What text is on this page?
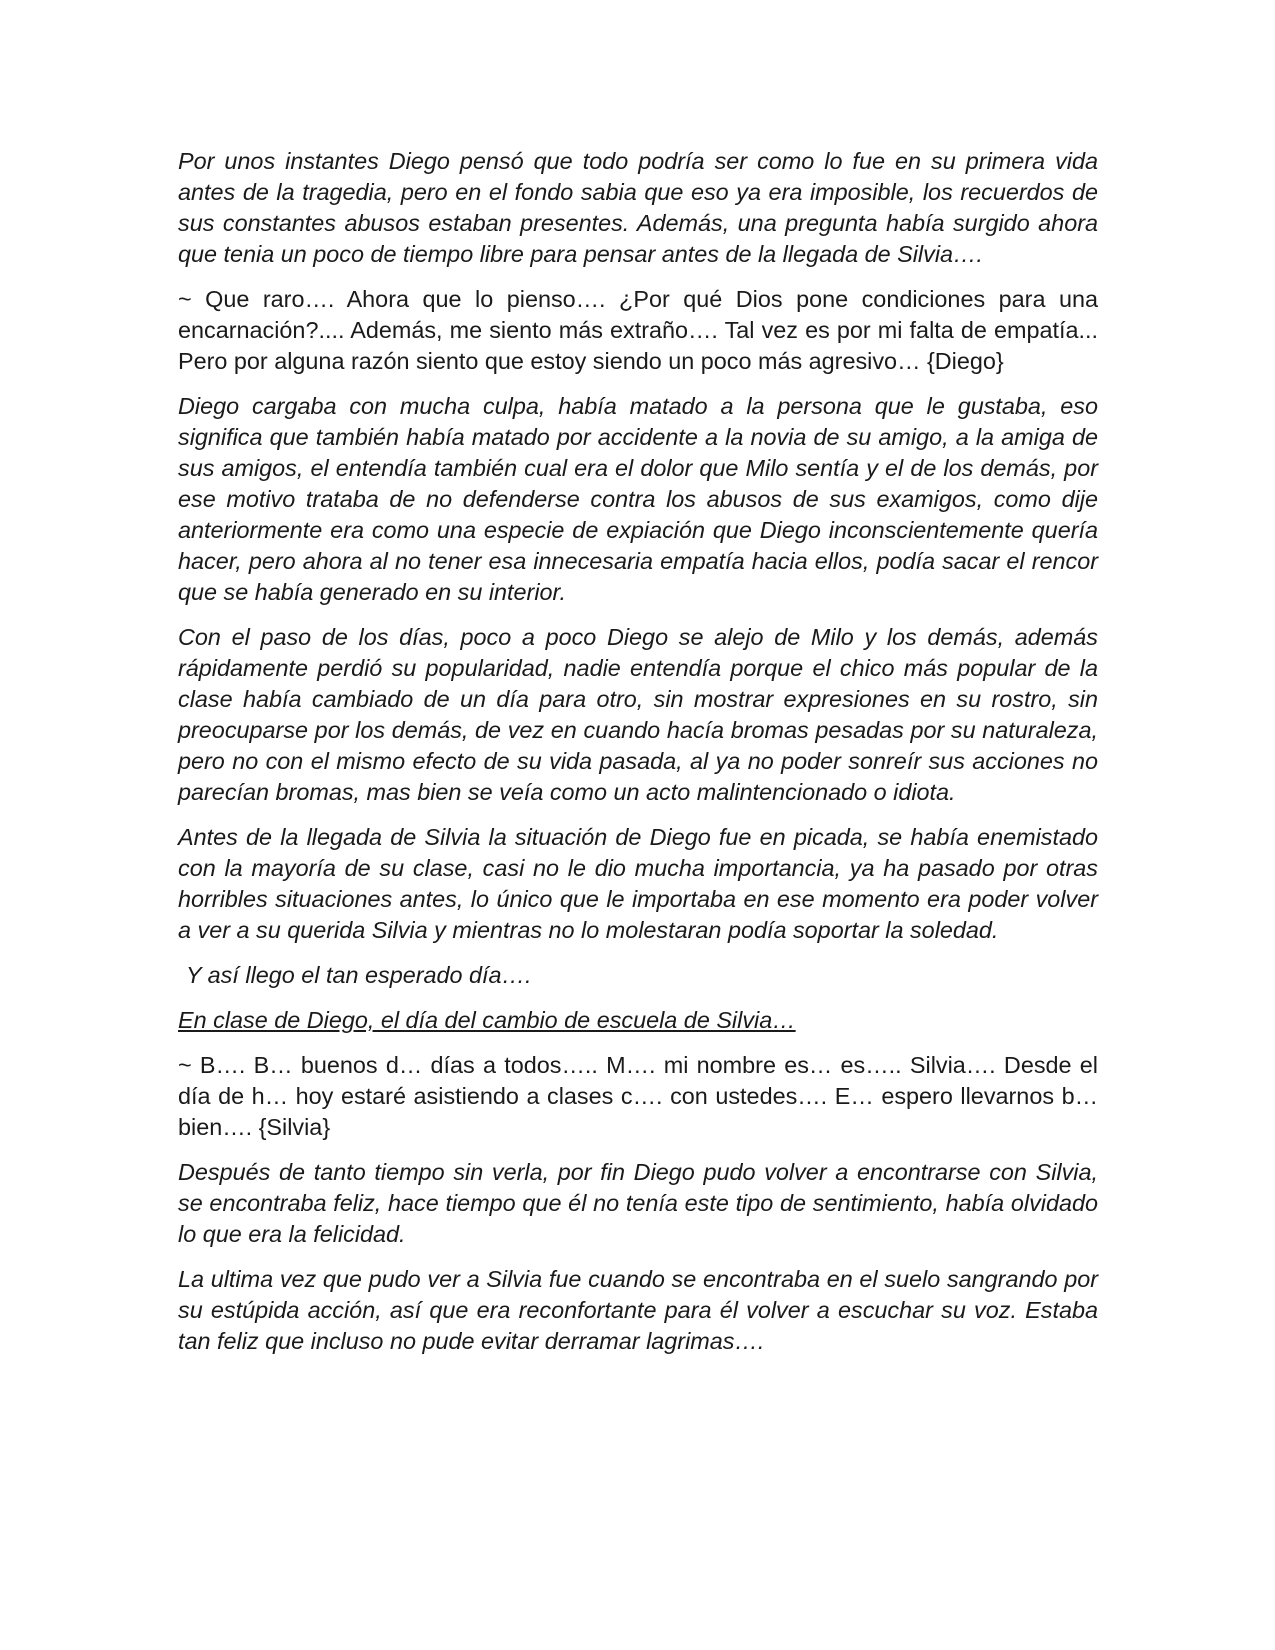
Por unos instantes Diego pensó que todo podría ser como lo fue en su primera vida antes de la tragedia, pero en el fondo sabia que eso ya era imposible, los recuerdos de sus constantes abusos estaban presentes. Además, una pregunta había surgido ahora que tenia un poco de tiempo libre para pensar antes de la llegada de Silvia….

~ Que raro…. Ahora que lo pienso…. ¿Por qué Dios pone condiciones para una encarnación?.... Además, me siento más extraño…. Tal vez es por mi falta de empatía... Pero por alguna razón siento que estoy siendo un poco más agresivo… {Diego}

Diego cargaba con mucha culpa, había matado a la persona que le gustaba, eso significa que también había matado por accidente a la novia de su amigo, a la amiga de sus amigos, el entendía también cual era el dolor que Milo sentía y el de los demás, por ese motivo trataba de no defenderse contra los abusos de sus examigos, como dije anteriormente era como una especie de expiación que Diego inconscientemente quería hacer, pero ahora al no tener esa innecesaria empatía hacia ellos, podía sacar el rencor que se había generado en su interior.

Con el paso de los días, poco a poco Diego se alejo de Milo y los demás, además rápidamente perdió su popularidad, nadie entendía porque el chico más popular de la clase había cambiado de un día para otro, sin mostrar expresiones en su rostro, sin preocuparse por los demás, de vez en cuando hacía bromas pesadas por su naturaleza, pero no con el mismo efecto de su vida pasada, al ya no poder sonreír sus acciones no parecían bromas, mas bien se veía como un acto malintencionado o idiota.

Antes de la llegada de Silvia la situación de Diego fue en picada, se había enemistado con la mayoría de su clase, casi no le dio mucha importancia, ya ha pasado por otras horribles situaciones antes, lo único que le importaba en ese momento era poder volver a ver a su querida Silvia y mientras no lo molestaran podía soportar la soledad.

Y así llego el tan esperado día….

En clase de Diego, el día del cambio de escuela de Silvia…

~ B…. B… buenos d… días a todos….. M…. mi nombre es… es….. Silvia…. Desde el día de h… hoy estaré asistiendo a clases c…. con ustedes…. E… espero llevarnos b… bien…. {Silvia}

Después de tanto tiempo sin verla, por fin Diego pudo volver a encontrarse con Silvia, se encontraba feliz, hace tiempo que él no tenía este tipo de sentimiento, había olvidado lo que era la felicidad.

La ultima vez que pudo ver a Silvia fue cuando se encontraba en el suelo sangrando por su estúpida acción, así que era reconfortante para él volver a escuchar su voz. Estaba tan feliz que incluso no pude evitar derramar lagrimas….
